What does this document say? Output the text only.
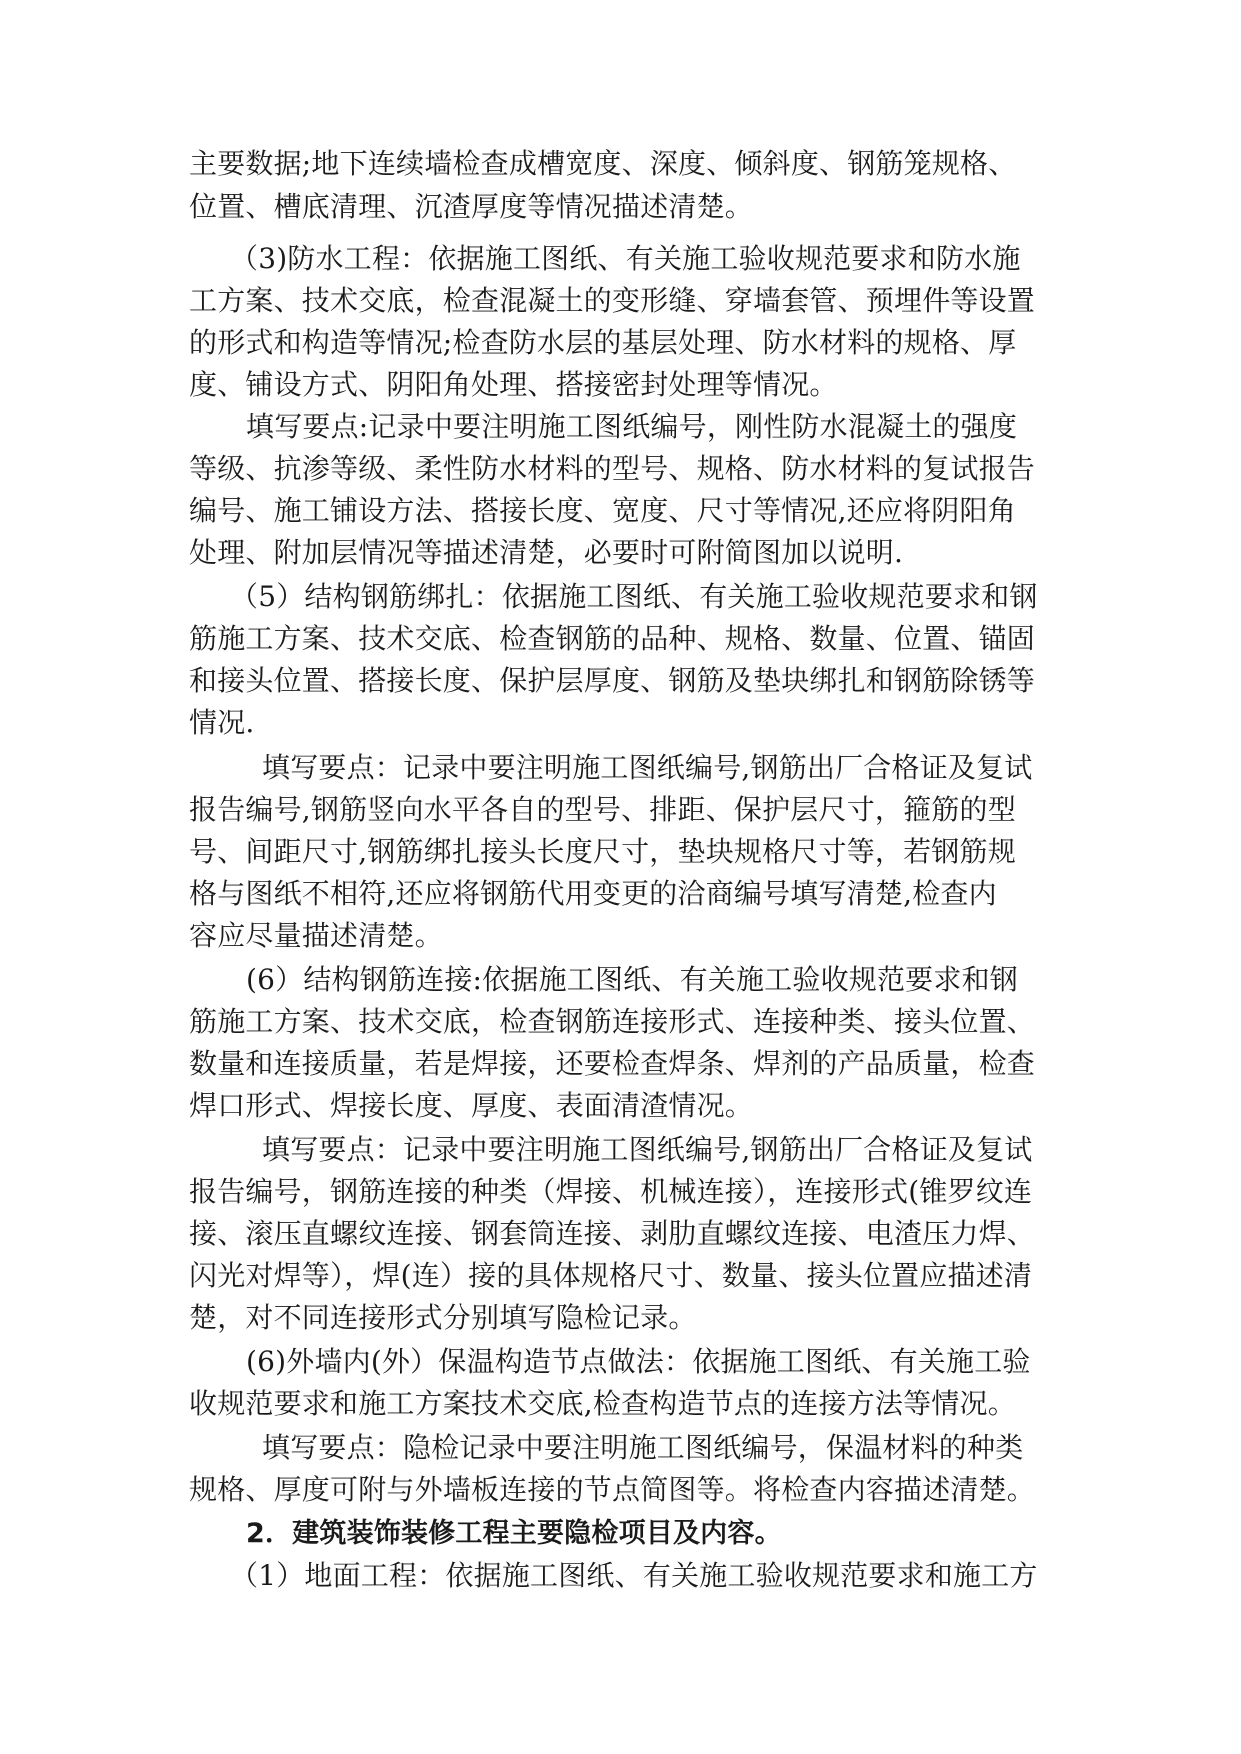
主要数据;地下连续墙检查成槽宽度、深度、倾斜度、钢筋笼规格、
位置、槽底清理、沉渣厚度等情况描述清楚。
（3)防水工程：依据施工图纸、有关施工验收规范要求和防水施
工方案、技术交底，检查混凝土的变形缝、穿墙套管、预埋件等设置
的形式和构造等情况;检查防水层的基层处理、防水材料的规格、厚
度、铺设方式、阴阳角处理、搭接密封处理等情况。
填写要点:记录中要注明施工图纸编号，刚性防水混凝土的强度
等级、抗渗等级、柔性防水材料的型号、规格、防水材料的复试报告
编号、施工铺设方法、搭接长度、宽度、尺寸等情况,还应将阴阳角
处理、附加层情况等描述清楚，必要时可附简图加以说明.
（5）结构钢筋绑扎：依据施工图纸、有关施工验收规范要求和钢
筋施工方案、技术交底、检查钢筋的品种、规格、数量、位置、锚固
和接头位置、搭接长度、保护层厚度、钢筋及垫块绑扎和钢筋除锈等
情况.
填写要点：记录中要注明施工图纸编号,钢筋出厂合格证及复试
报告编号,钢筋竖向水平各自的型号、排距、保护层尺寸，箍筋的型
号、间距尺寸,钢筋绑扎接头长度尺寸，垫块规格尺寸等，若钢筋规
格与图纸不相符,还应将钢筋代用变更的洽商编号填写清楚,检查内
容应尽量描述清楚。
(6）结构钢筋连接:依据施工图纸、有关施工验收规范要求和钢
筋施工方案、技术交底，检查钢筋连接形式、连接种类、接头位置、
数量和连接质量，若是焊接，还要检查焊条、焊剂的产品质量，检查
焊口形式、焊接长度、厚度、表面清渣情况。
填写要点：记录中要注明施工图纸编号,钢筋出厂合格证及复试
报告编号，钢筋连接的种类（焊接、机械连接），连接形式(锥罗纹连
接、滚压直螺纹连接、钢套筒连接、剥肋直螺纹连接、电渣压力焊、
闪光对焊等），焊(连）接的具体规格尺寸、数量、接头位置应描述清
楚，对不同连接形式分别填写隐检记录。
(6)外墙内(外）保温构造节点做法：依据施工图纸、有关施工验
收规范要求和施工方案技术交底,检查构造节点的连接方法等情况。
填写要点：隐检记录中要注明施工图纸编号，保温材料的种类
规格、厚度可附与外墙板连接的节点简图等。将检查内容描述清楚。
2．建筑装饰装修工程主要隐检项目及内容。
（1）地面工程：依据施工图纸、有关施工验收规范要求和施工方
